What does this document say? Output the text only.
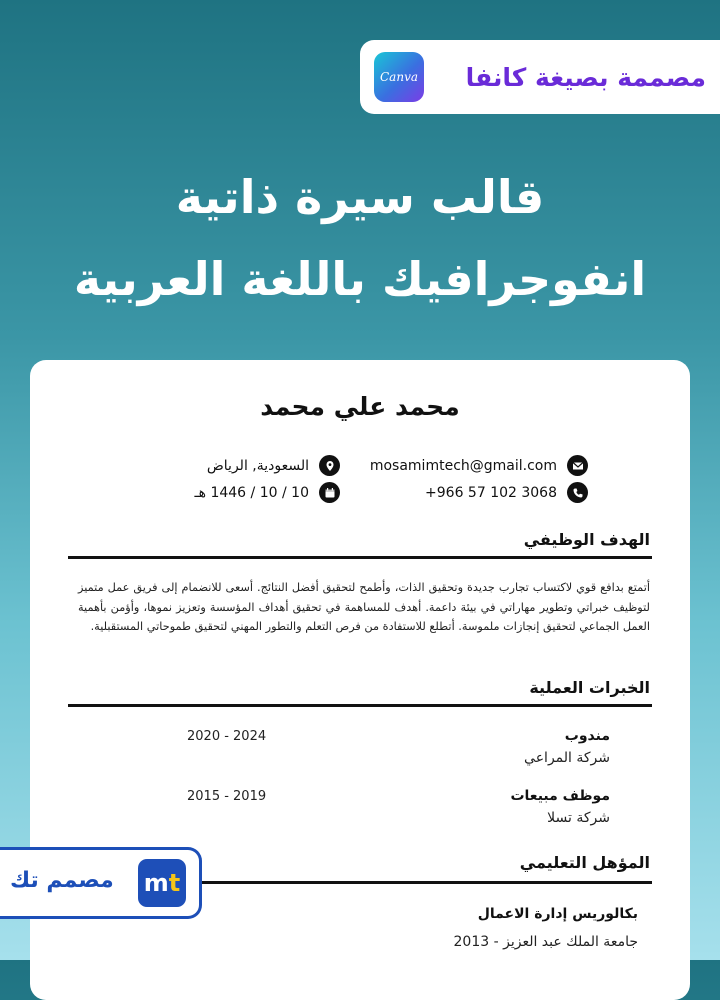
مصممة بصيغة كانفا
Canva
قالب سيرة ذاتية
انفوجرافيك باللغة العربية
محمد علي محمد
mosamimtech@gmail.com
السعودية, الرياض
+966 57 102 3068
10 / 10 / 1446 هـ
الهدف الوظيفي
أتمتع بدافع قوي لاكتساب تجارب جديدة وتحقيق الذات، وأطمح لتحقيق أفضل النتائج. أسعى للانضمام إلى فريق عمل متميز لتوظيف خبراتي وتطوير مهاراتي في بيئة داعمة. أهدف للمساهمة في تحقيق أهداف المؤسسة وتعزيز نموها، وأؤمن بأهمية العمل الجماعي لتحقيق إنجازات ملموسة. أتطلع للاستفادة من فرص التعلم والتطور المهني لتحقيق طموحاتي المستقبلية.
الخبرات العملية
مندوب
شركة المراعي
2020 - 2024
موظف مبيعات
شركة تسلا
2015 - 2019
المؤهل التعليمي
بكالوريس إدارة الاعمال
جامعة الملك عبد العزيز - 2013
مصمم تك m t
